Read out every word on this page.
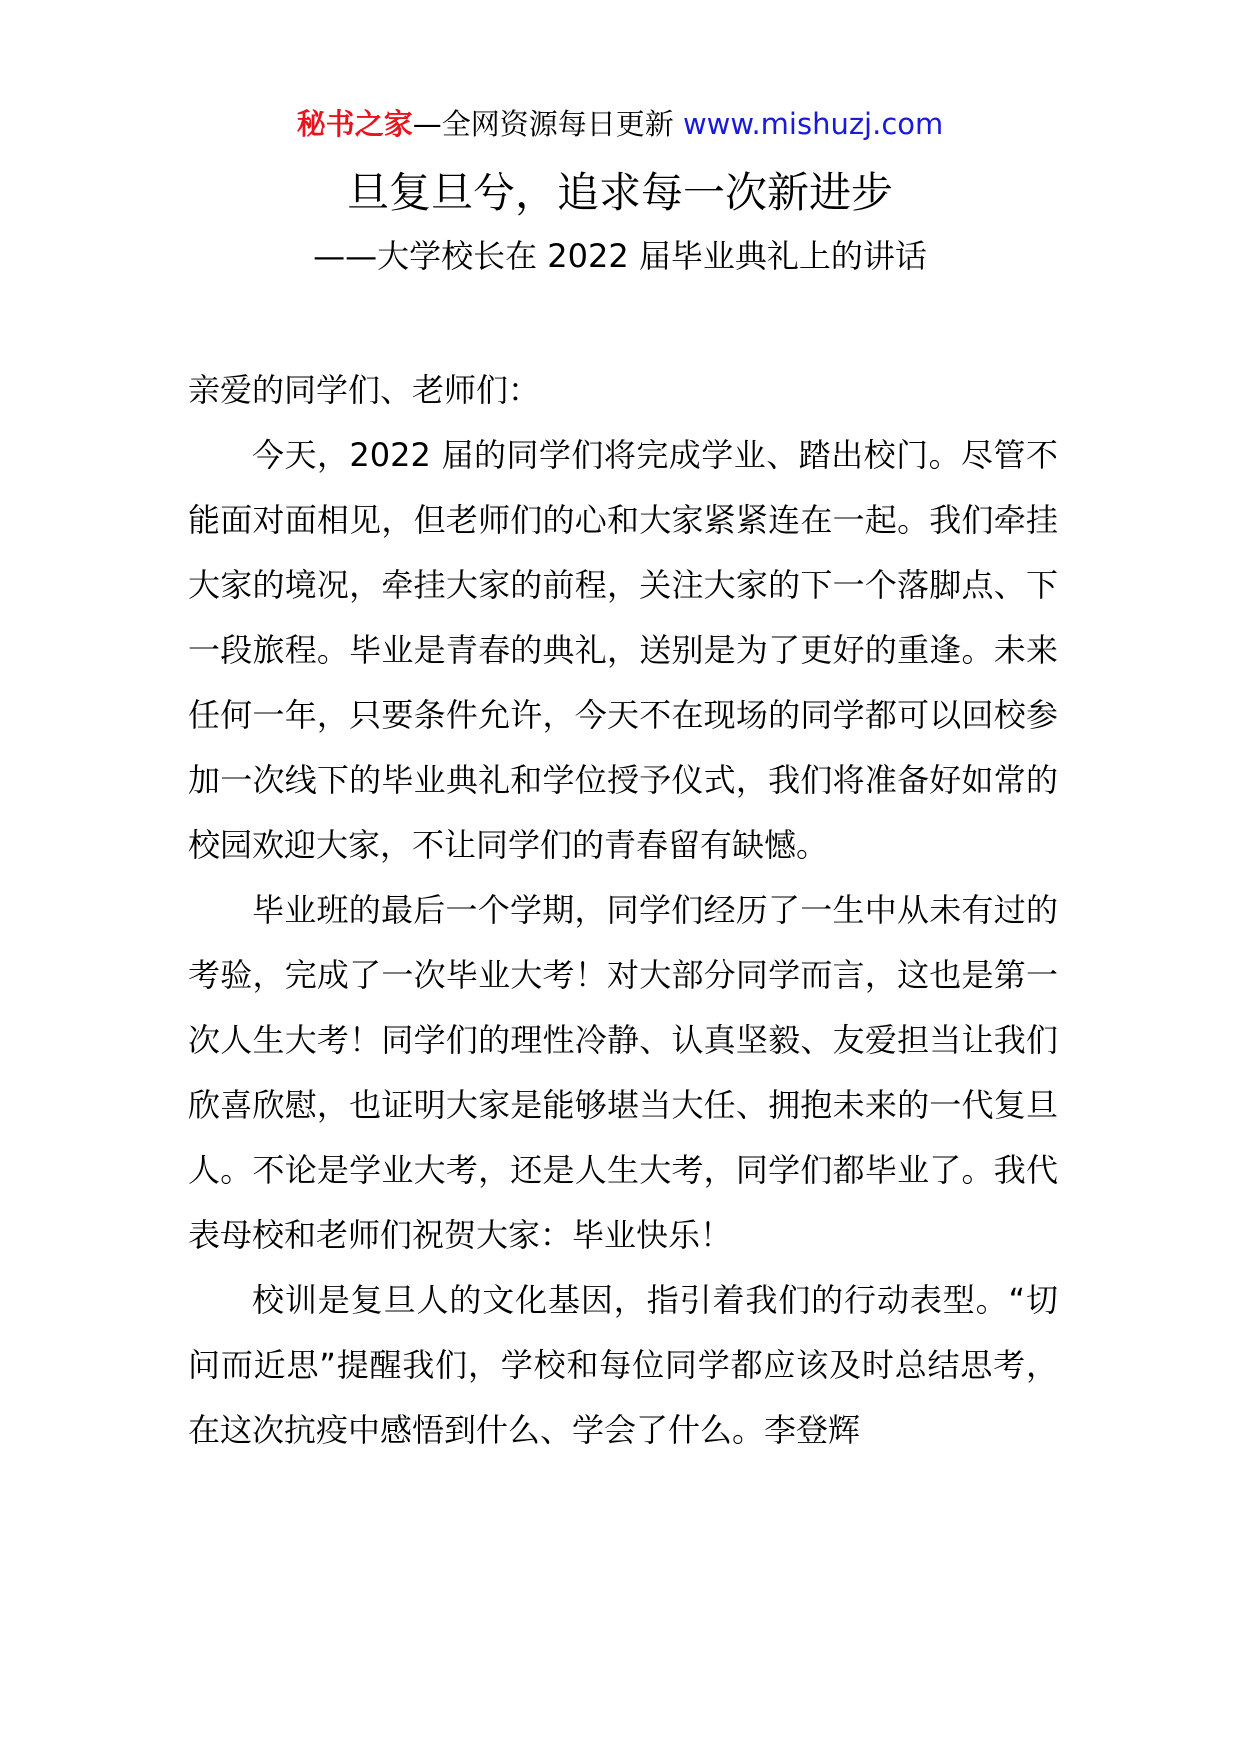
秘书之家—全网资源每日更新 www.mishuzj.com
旦复旦兮，追求每一次新进步
——大学校长在 2022 届毕业典礼上的讲话

亲爱的同学们、老师们：

今天，2022 届的同学们将完成学业、踏出校门。尽管不能面对面相见，但老师们的心和大家紧紧连在一起。我们牵挂大家的境况，牵挂大家的前程，关注大家的下一个落脚点、下一段旅程。毕业是青春的典礼，送别是为了更好的重逢。未来任何一年，只要条件允许，今天不在现场的同学都可以回校参加一次线下的毕业典礼和学位授予仪式，我们将准备好如常的校园欢迎大家，不让同学们的青春留有缺憾。

毕业班的最后一个学期，同学们经历了一生中从未有过的考验，完成了一次毕业大考！对大部分同学而言，这也是第一次人生大考！同学们的理性冷静、认真坚毅、友爱担当让我们欣喜欣慰，也证明大家是能够堪当大任、拥抱未来的一代复旦人。不论是学业大考，还是人生大考，同学们都毕业了。我代表母校和老师们祝贺大家：毕业快乐！

校训是复旦人的文化基因，指引着我们的行动表型。“切问而近思”提醒我们，学校和每位同学都应该及时总结思考，在这次抗疫中感悟到什么、学会了什么。李登辉
